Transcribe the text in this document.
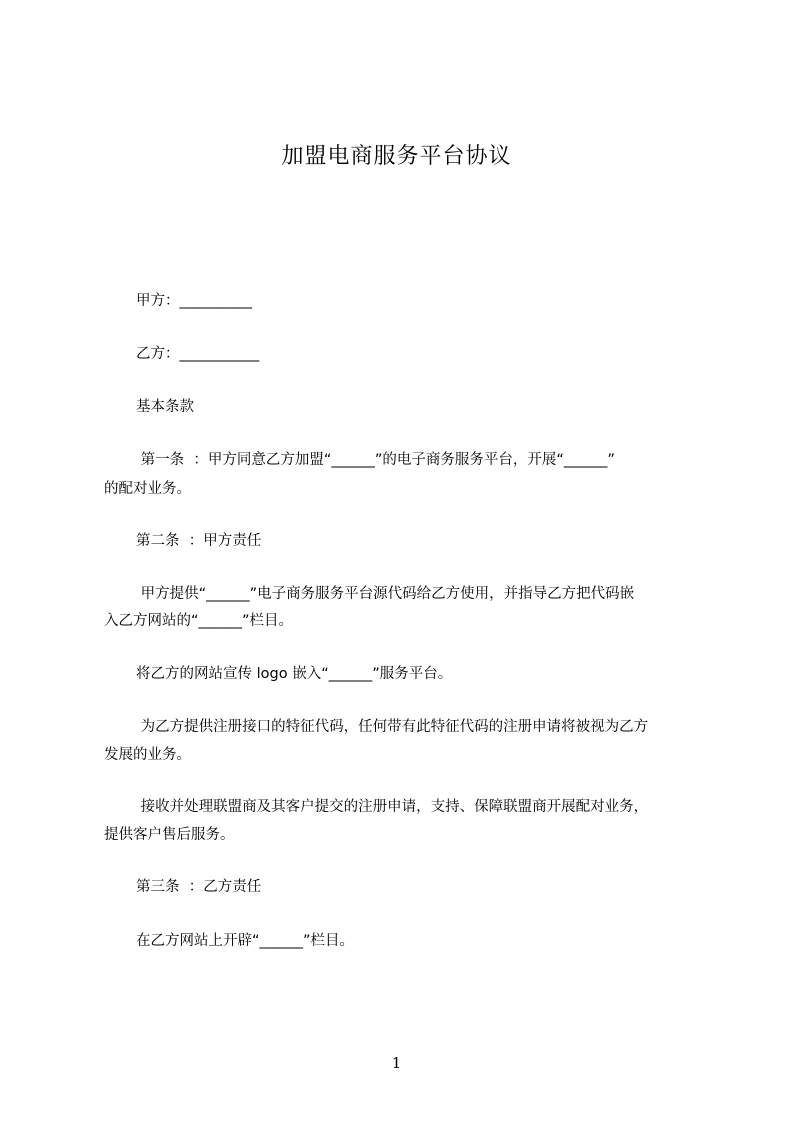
加盟电商服务平台协议
甲方：__________
乙方：___________
基本条款
第一条  ：甲方同意乙方加盟“______”的电子商务服务平台，开展“______”
的配对业务。
第二条  ：甲方责任
甲方提供“______”电子商务服务平台源代码给乙方使用，并指导乙方把代码嵌
入乙方网站的“______”栏目。
将乙方的网站宣传 logo 嵌入“______”服务平台。
为乙方提供注册接口的特征代码，任何带有此特征代码的注册申请将被视为乙方
发展的业务。
接收并处理联盟商及其客户提交的注册申请，支持、保障联盟商开展配对业务，
提供客户售后服务。
第三条  ：乙方责任
在乙方网站上开辟“______”栏目。
1
